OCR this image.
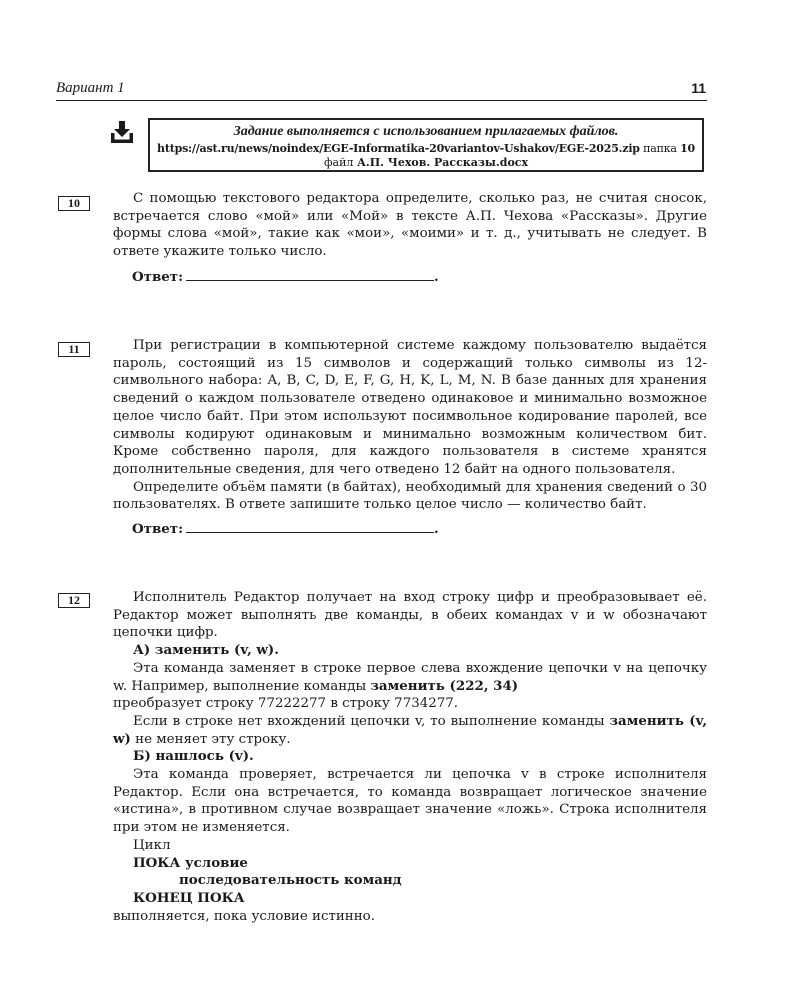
Вариант 1	11
Задание выполняется с использованием прилагаемых файлов.
https://ast.ru/news/noindex/EGE-Informatika-20variantov-Ushakov/EGE-2025.zip папка 10
файл А.П. Чехов. Рассказы.docx
10	С помощью текстового редактора определите, сколько раз, не считая сносок, встречается слово «мой» или «Мой» в тексте А.П. Чехова «Рассказы». Другие формы слова «мой», такие как «мои», «моими» и т. д., учитывать не следует. В ответе укажите только число.

Ответ:	.
11	При регистрации в компьютерной системе каждому пользователю выдаётся пароль, состоящий из 15 символов и содержащий только символы из 12-символьного набора: A, B, C, D, E, F, G, H, K, L, M, N. В базе данных для хранения сведений о каждом пользователе отведено одинаковое и минимально возможное целое число байт. При этом используют посимвольное кодирование паролей, все символы кодируют одинаковым и минимально возможным количеством бит. Кроме собственно пароля, для каждого пользователя в системе хранятся дополнительные сведения, для чего отведено 12 байт на одного пользователя.

Определите объём памяти (в байтах), необходимый для хранения сведений о 30 пользователях. В ответе запишите только целое число — количество байт.

Ответ:	.
12	Исполнитель Редактор получает на вход строку цифр и преобразовывает её. Редактор может выполнять две команды, в обеих командах v и w обозначают цепочки цифр.

А) заменить (v, w).

Эта команда заменяет в строке первое слева вхождение цепочки v на цепочку w. Например, выполнение команды заменить (222, 34)

преобразует строку 77222277 в строку 7734277.

Если в строке нет вхождений цепочки v, то выполнение команды заменить (v, w) не меняет эту строку.

Б) нашлось (v).

Эта команда проверяет, встречается ли цепочка v в строке исполнителя Редактор. Если она встречается, то команда возвращает логическое значение «истина», в противном случае возвращает значение «ложь». Строка исполнителя при этом не изменяется.

Цикл

ПОКА условие

последовательность команд

КОНЕЦ ПОКА

выполняется, пока условие истинно.
